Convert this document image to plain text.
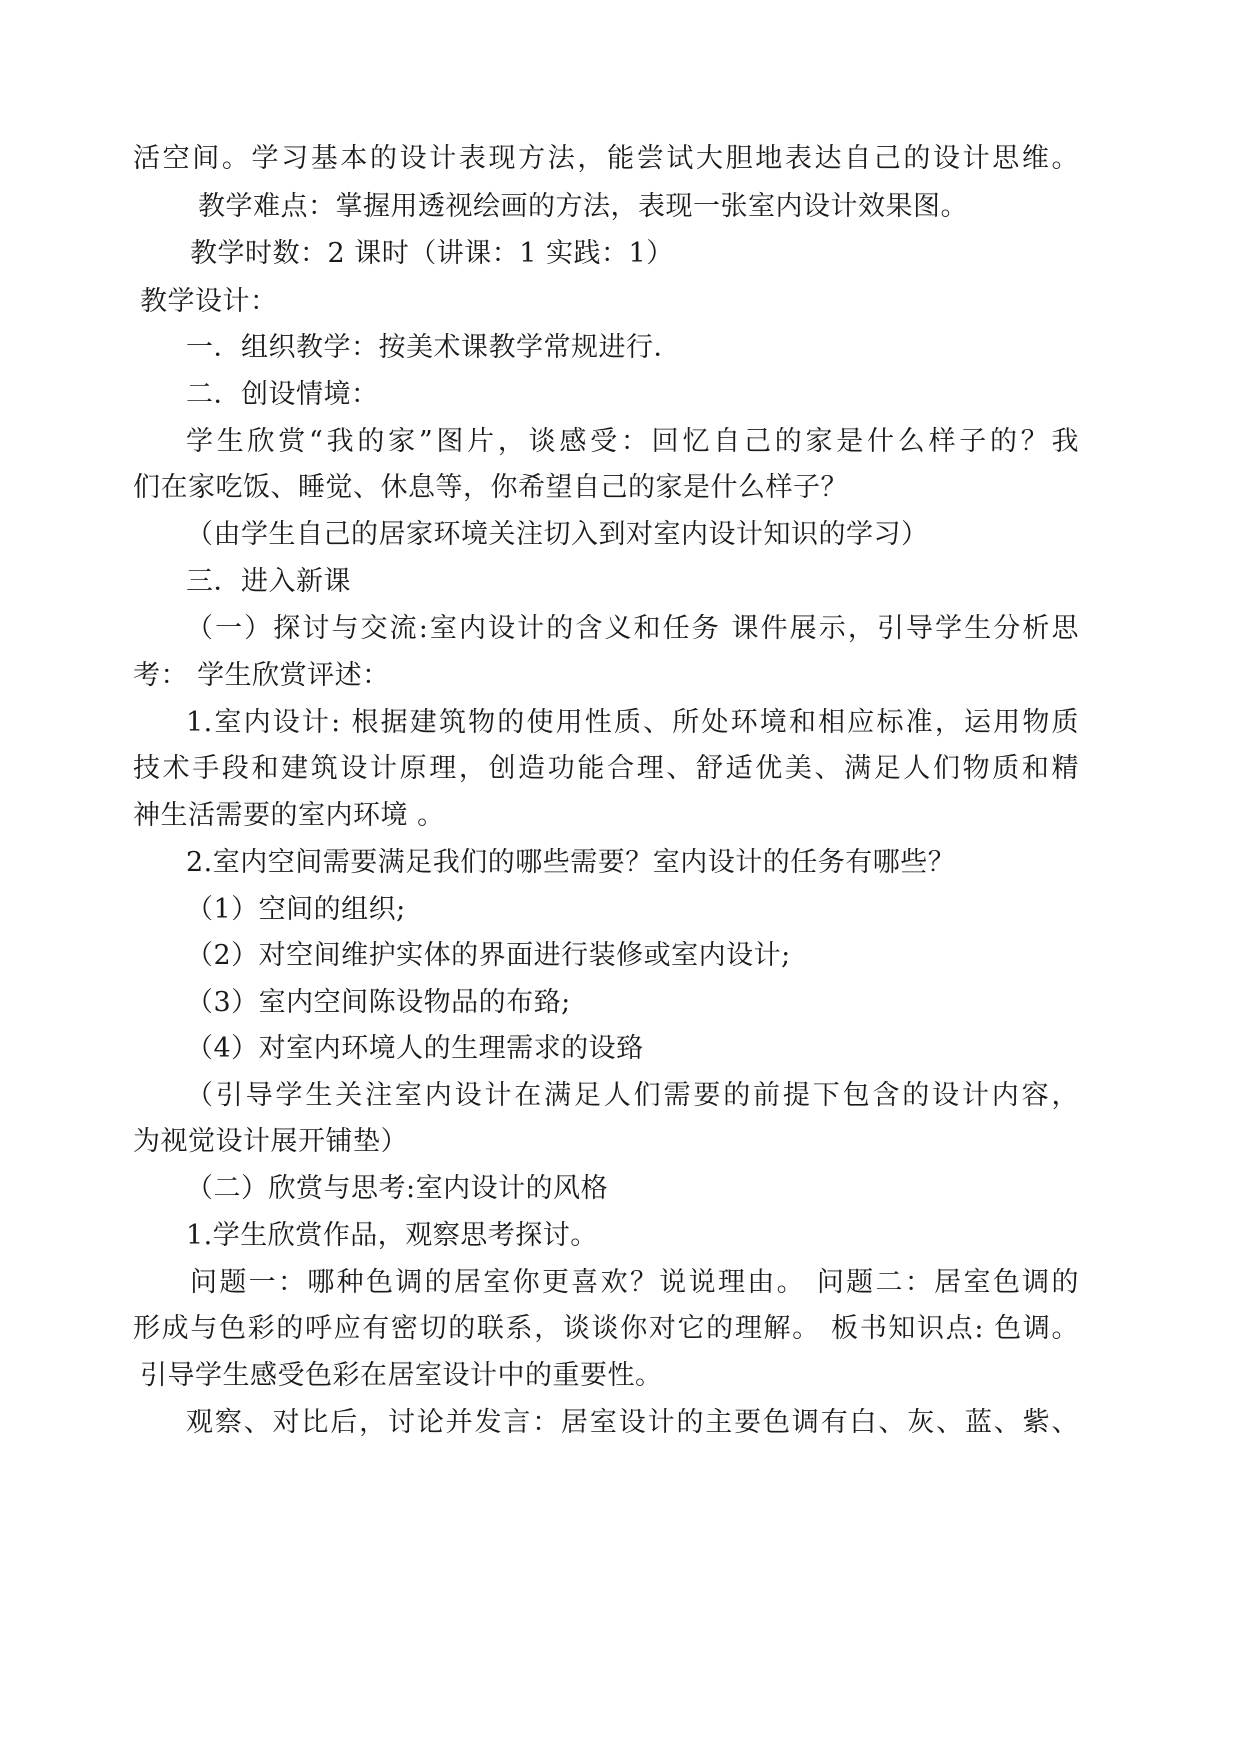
活空间。学习基本的设计表现方法，能尝试大胆地表达自己的设计思维。
教学难点：掌握用透视绘画的方法，表现一张室内设计效果图。
教学时数：2 课时（讲课：1 实践：1）
教学设计：
一．组织教学：按美术课教学常规进行．
二．创设情境：
学生欣赏“我的家”图片，谈感受：回忆自己的家是什么样子的？我
们在家吃饭、睡觉、休息等，你希望自己的家是什么样子？
（由学生自己的居家环境关注切入到对室内设计知识的学习）
三．进入新课
（一）探讨与交流:室内设计的含义和任务 课件展示，引导学生分析思
考： 学生欣赏评述：
1.室内设计: 根据建筑物的使用性质、所处环境和相应标准，运用物质
技术手段和建筑设计原理，创造功能合理、舒适优美、满足人们物质和精
神生活需要的室内环境 。
2.室内空间需要满足我们的哪些需要？室内设计的任务有哪些？
（1）空间的组织;
（2）对空间维护实体的界面进行装修或室内设计;
（3）室内空间陈设物品的布臵;
（4）对室内环境人的生理需求的设臵
（引导学生关注室内设计在满足人们需要的前提下包含的设计内容，
为视觉设计展开铺垫）
（二）欣赏与思考:室内设计的风格
1.学生欣赏作品，观察思考探讨。
问题一：哪种色调的居室你更喜欢？说说理由。 问题二：居室色调的
形成与色彩的呼应有密切的联系，谈谈你对它的理解。 板书知识点: 色调。
引导学生感受色彩在居室设计中的重要性。
观察、对比后，讨论并发言：居室设计的主要色调有白、灰、蓝、紫、
